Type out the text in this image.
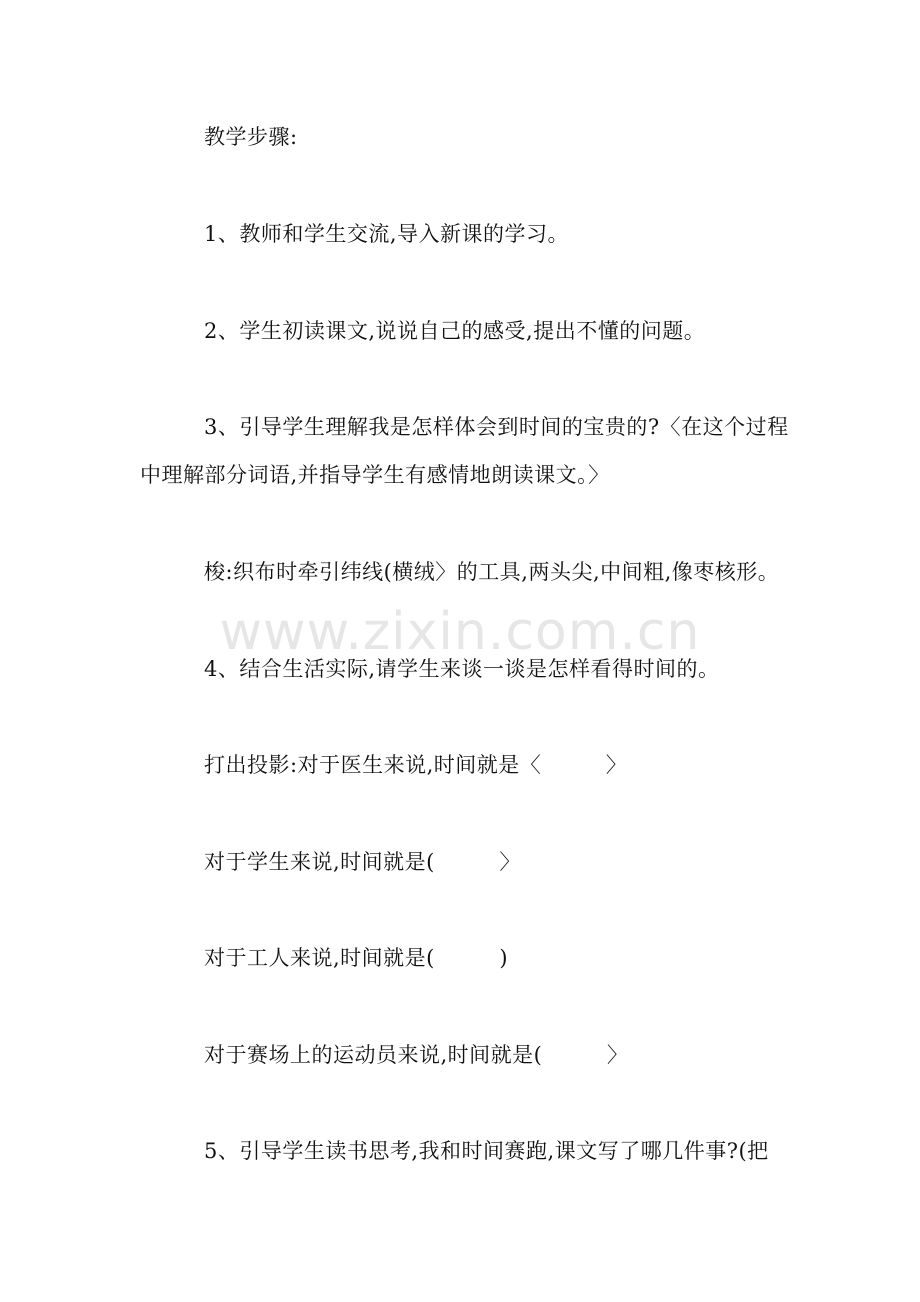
www.zixin.com.cn
教学步骤:
1、教师和学生交流,导入新课的学习。
2、学生初读课文,说说自己的感受,提出不懂的问题。
3、引导学生理解我是怎样体会到时间的宝贵的?〈在这个过程
中理解部分词语,并指导学生有感情地朗读课文。〉
梭:织布时牵引纬线(横绒〉的工具,两头尖,中间粗,像枣核形。
4、结合生活实际,请学生来谈一谈是怎样看得时间的。
打出投影:对于医生来说,时间就是〈　　　〉
对于学生来说,时间就是(　　　〉
对于工人来说,时间就是(　　　)
对于赛场上的运动员来说,时间就是(　　　〉
5、引导学生读书思考,我和时间赛跑,课文写了哪几件事?(把
